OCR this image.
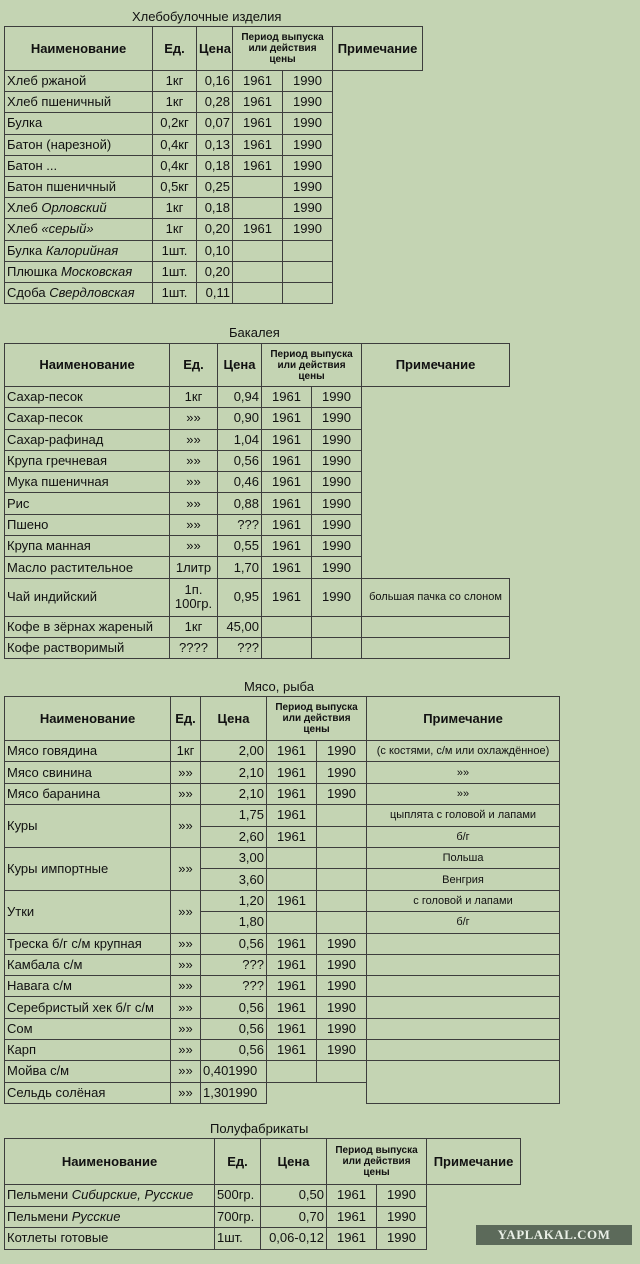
Хлебобулочные изделия
Наименование	Ед.	Цена	Период выпуска или действия цены		Примечание
Хлеб ржаной	1кг	0,16	1961	1990	
Хлеб пшеничный	1кг	0,28	1961	1990	
Булка	0,2кг	0,07	1961	1990	
Батон (нарезной)	0,4кг	0,13	1961	1990	
Батон ...	0,4кг	0,18	1961	1990	
Батон пшеничный	0,5кг	0,25		1990	
Хлеб Орловский	1кг	0,18		1990	
Хлеб «серый»	1кг	0,20	1961	1990	
Булка Калорийная	1шт.	0,10			
Плюшка Московская	1шт.	0,20			
Сдоба Свердловская	1шт.	0,11			
Бакалея
Наименование	Ед.	Цена	Период выпуска или действия цены		Примечание
Сахар-песок	1кг	0,94	1961	1990	
Сахар-песок	»»	0,90	1961	1990	
Сахар-рафинад	»»	1,04	1961	1990	
Крупа гречневая	»»	0,56	1961	1990	
Мука пшеничная	»»	0,46	1961	1990	
Рис	»»	0,88	1961	1990	
Пшено	»»	???	1961	1990	
Крупа манная	»»	0,55	1961	1990	
Масло растительное	1литр	1,70	1961	1990	
Чай индийский	1п. 100гр.	0,95	1961	1990	большая пачка со слоном
Кофе в зёрнах жареный	1кг	45,00			
Кофе растворимый	????	???			
Мясо, рыба
Наименование	Ед.	Цена	Период выпуска или действия цены		Примечание
Мясо говядина	1кг	2,00	1961	1990	(с костями, с/м или охлаждённое)
Мясо свинина	»»	2,10	1961	1990	»»
Мясо баранина	»»	2,10	1961	1990	»»
Куры	»»	1,75	1961		цыплята с головой и лапами
		2,60	1961		б/г
Куры импортные	»»	3,00			Польша
		3,60			Венгрия
Утки	»»	1,20	1961		с головой и лапами
		1,80			б/г
Треска б/г с/м крупная	»»	0,56	1961	1990	
Камбала с/м	»»	???	1961	1990	
Навага с/м	»»	???	1961	1990	
Серебристый хек б/г с/м	»»	0,56	1961	1990	
Сом	»»	0,56	1961	1990	
Карп	»»	0,56	1961	1990	
Мойва с/м	»»	0,401990			
Сельдь солёная	»»	1,301990			
Полуфабрикаты
Наименование	Ед.	Цена	Период выпуска или действия цены		Примечание
Пельмени Сибирские, Русские	500гр.	0,50	1961	1990	
Пельмени Русские	700гр.	0,70	1961	1990	
Котлеты готовые	1шт.	0,06-0,12	1961	1990		YAPLAKAL.COM
